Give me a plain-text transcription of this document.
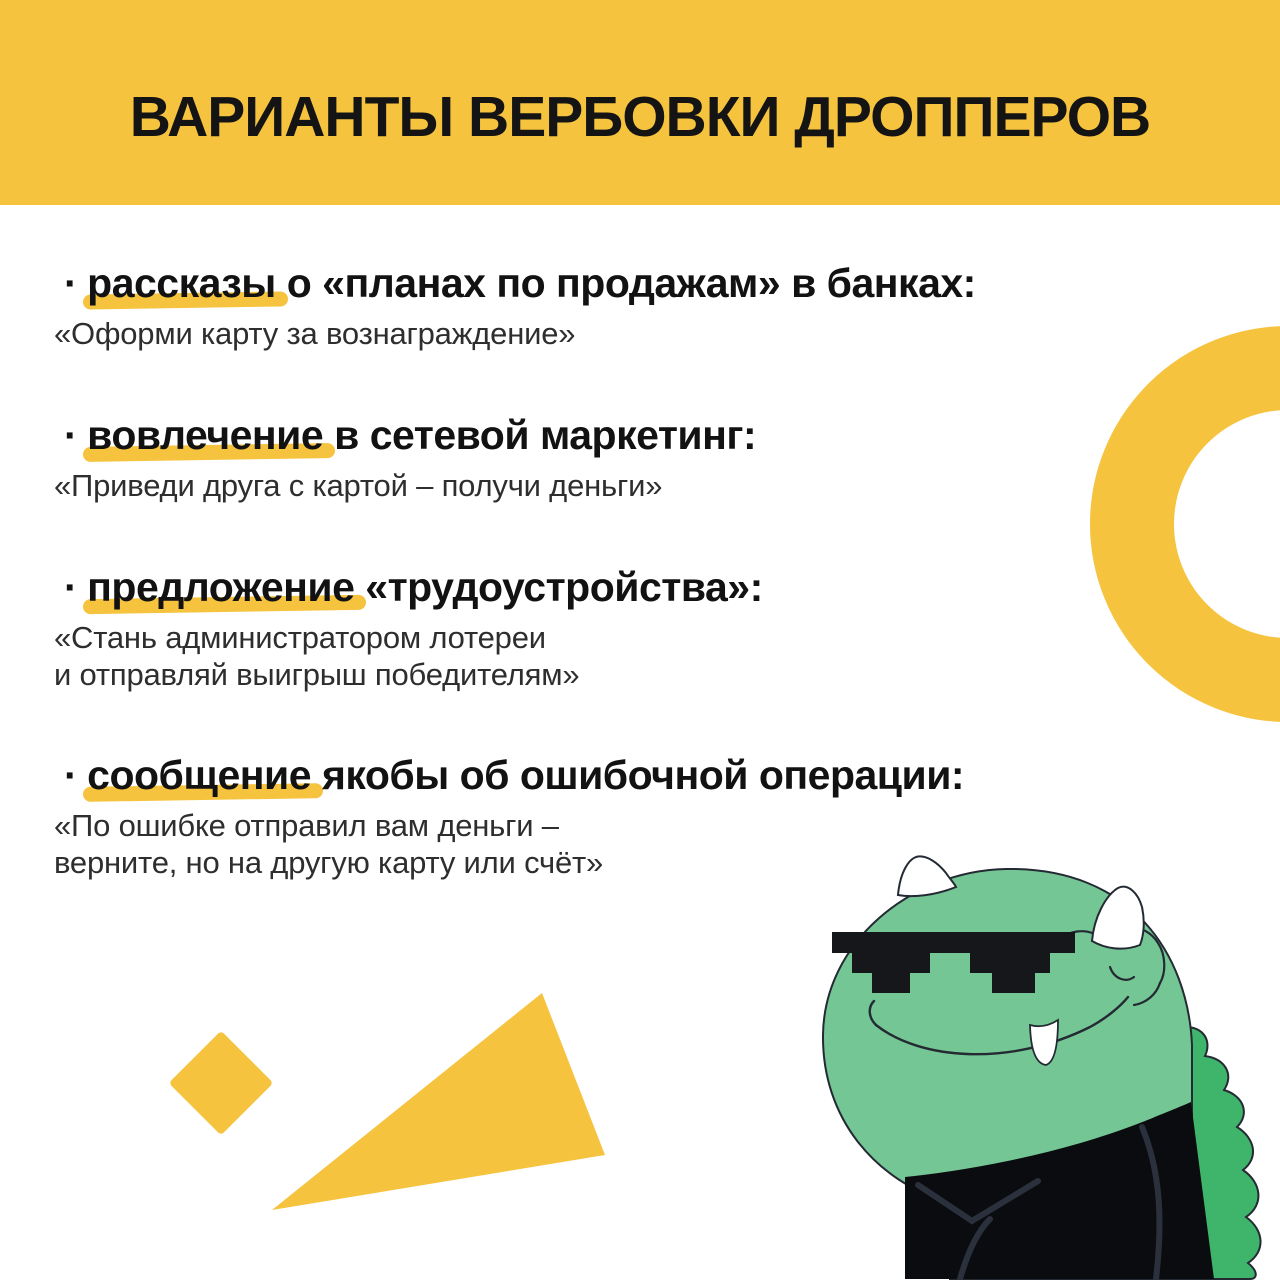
ВАРИАНТЫ ВЕРБОВКИ ДРОППЕРОВ
· рассказы о «планах по продажам» в банках:
«Оформи карту за вознаграждение»
· вовлечение в сетевой маркетинг:
«Приведи друга с картой – получи деньги»
· предложение «трудоустройства»:
«Стань администратором лотереи
и отправляй выигрыш победителям»
· сообщение якобы об ошибочной операции:
«По ошибке отправил вам деньги –
верните, но на другую карту или счёт»
